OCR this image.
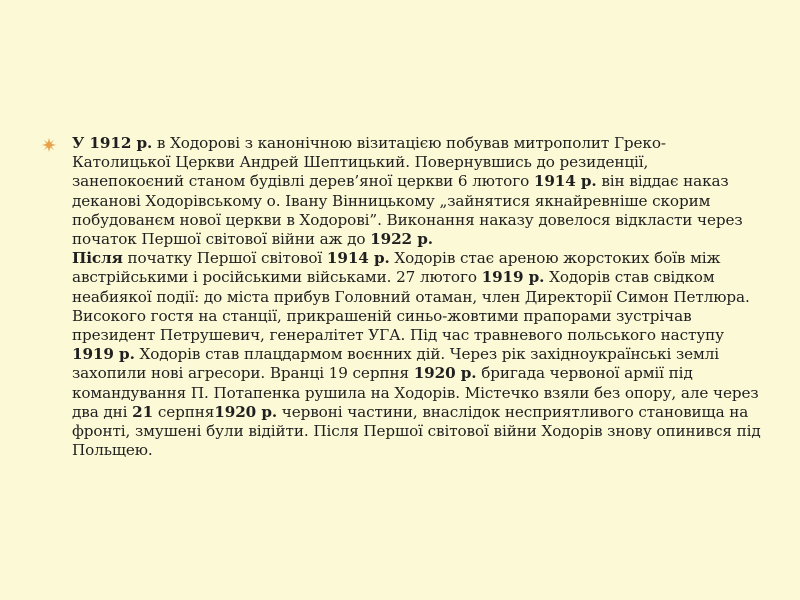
У 1912 р. в Ходорові з канонічною візитацією побував митрополит Греко-Католицької Церкви Андрей Шептицький. Повернувшись до резиденції, занепокоєний станом будівлі дерев’яної церкви 6 лютого 1914 р. він віддає наказ деканові Ходорівському о. Івану Вінницькому „зайнятися якнайревніше скорим побудованєм нової церкви в Ходорові”. Виконання наказу довелося відкласти через початок Першої світової війни аж до 1922 р.
Після початку Першої світової 1914 р. Ходорів стає ареною жорстоких боїв між австрійськими і російськими військами. 27 лютого 1919 р. Ходорів став свідком неабиякої події: до міста прибув Головний отаман, член Директорії Симон Петлюра. Високого гостя на станції, прикрашеній синьо-жовтими прапорами зустрічав президент Петрушевич, генералітет УГА. Під час травневого польського наступу 1919 р. Ходорів став плацдармом воєнних дій. Через рік західноукраїнські землі захопили нові агресори. Вранці 19 серпня 1920 р. бригада червоної армії під командування П. Потапенка рушила на Ходорів. Містечко взяли без опору, але через два дні 21 серпня1920 р. червоні частини, внаслідок несприятливого становища на фронті, змушені були відійти. Після Першої світової війни Ходорів знову опинився під Польщею.
